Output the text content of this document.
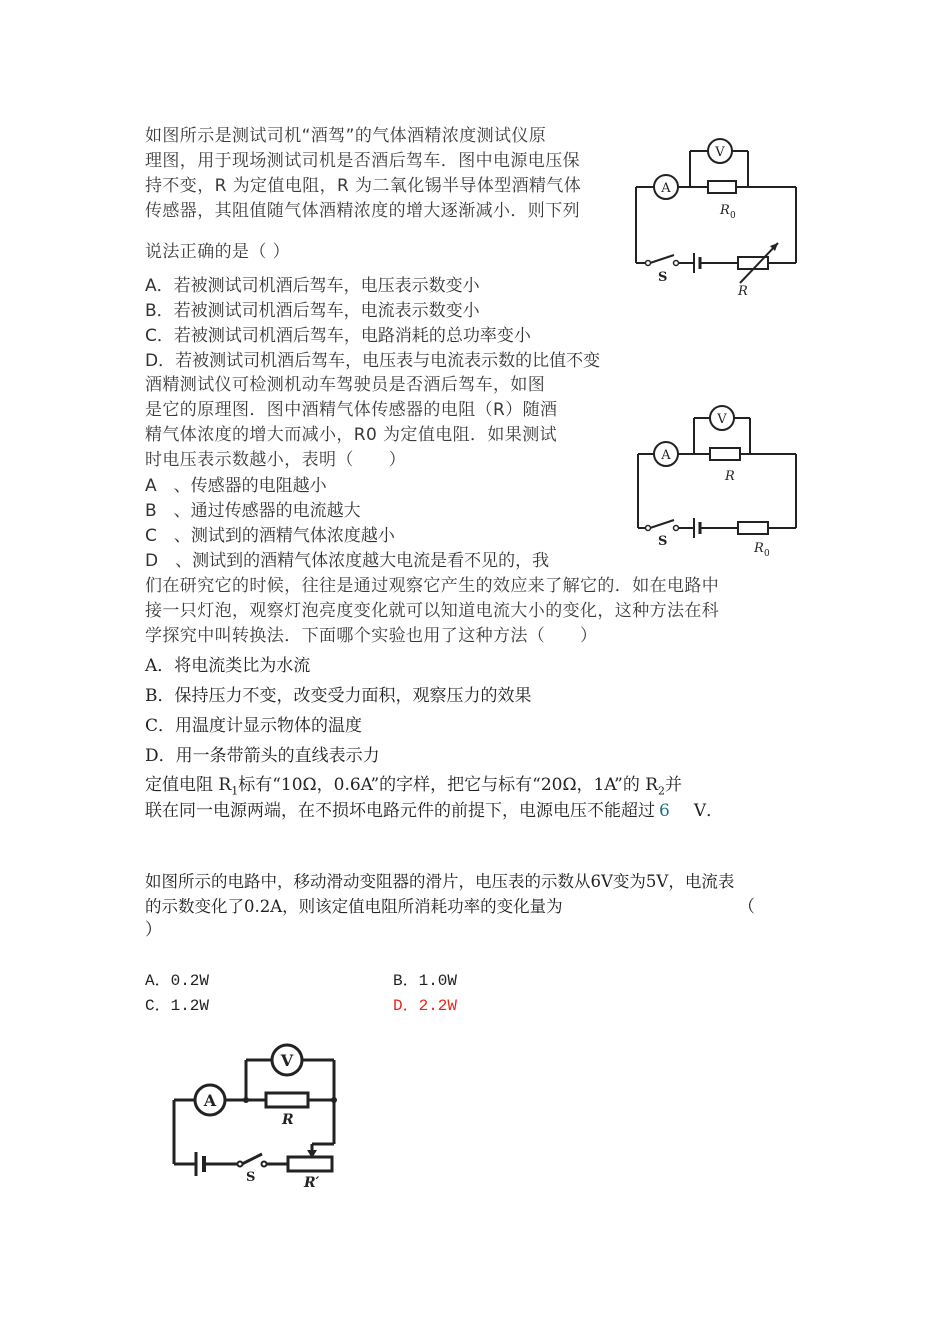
如图所示是测试司机“酒驾”的气体酒精浓度测试仪原
理图，用于现场测试司机是否酒后驾车．图中电源电压保
持不变，R 为定值电阻，R 为二氧化锡半导体型酒精气体
传感器，其阻值随气体酒精浓度的增大逐渐减小．则下列
说法正确的是（ ）
A．若被测试司机酒后驾车，电压表示数变小
B．若被测试司机酒后驾车，电流表示数变小
C．若被测试司机酒后驾车，电路消耗的总功率变小
D．若被测试司机酒后驾车，电压表与电流表示数的比值不变
V
A
R 0
R
S
酒精测试仪可检测机动车驾驶员是否酒后驾车，如图
是它的原理图．图中酒精气体传感器的电阻（R）随酒
精气体浓度的增大而减小，R0 为定值电阻．如果测试
时电压表示数越小，表明（　　）
A　、传感器的电阻越小
B　、通过传感器的电流越大
C　、测试到的酒精气体浓度越小
D　、测试到的酒精气体浓度越大电流是看不见的，我
V
A
R
R 0
S
们在研究它的时候，往往是通过观察它产生的效应来了解它的．如在电路中
接一只灯泡，观察灯泡亮度变化就可以知道电流大小的变化，这种方法在科
学探究中叫转换法．下面哪个实验也用了这种方法（　　）
A．将电流类比为水流
B．保持压力不变，改变受力面积，观察压力的效果
C．用温度计显示物体的温度
D．用一条带箭头的直线表示力
定值电阻 $R_1$标有“10Ω，0.6A”的字样，把它与标有“20Ω，1A”的 $R_2$并
联在同一电源两端，在不损坏电路元件的前提下，电源电压不能超过 6 V．
如图所示的电路中，移动滑动变阻器的滑片，电压表的示数从6V变为5V，电流表
的示数变化了0.2A，则该定值电阻所消耗功率的变化量为	（
）
A．0.2W	B．1.0W
C．1.2W	D．2.2W
V
A
R
R′
S
